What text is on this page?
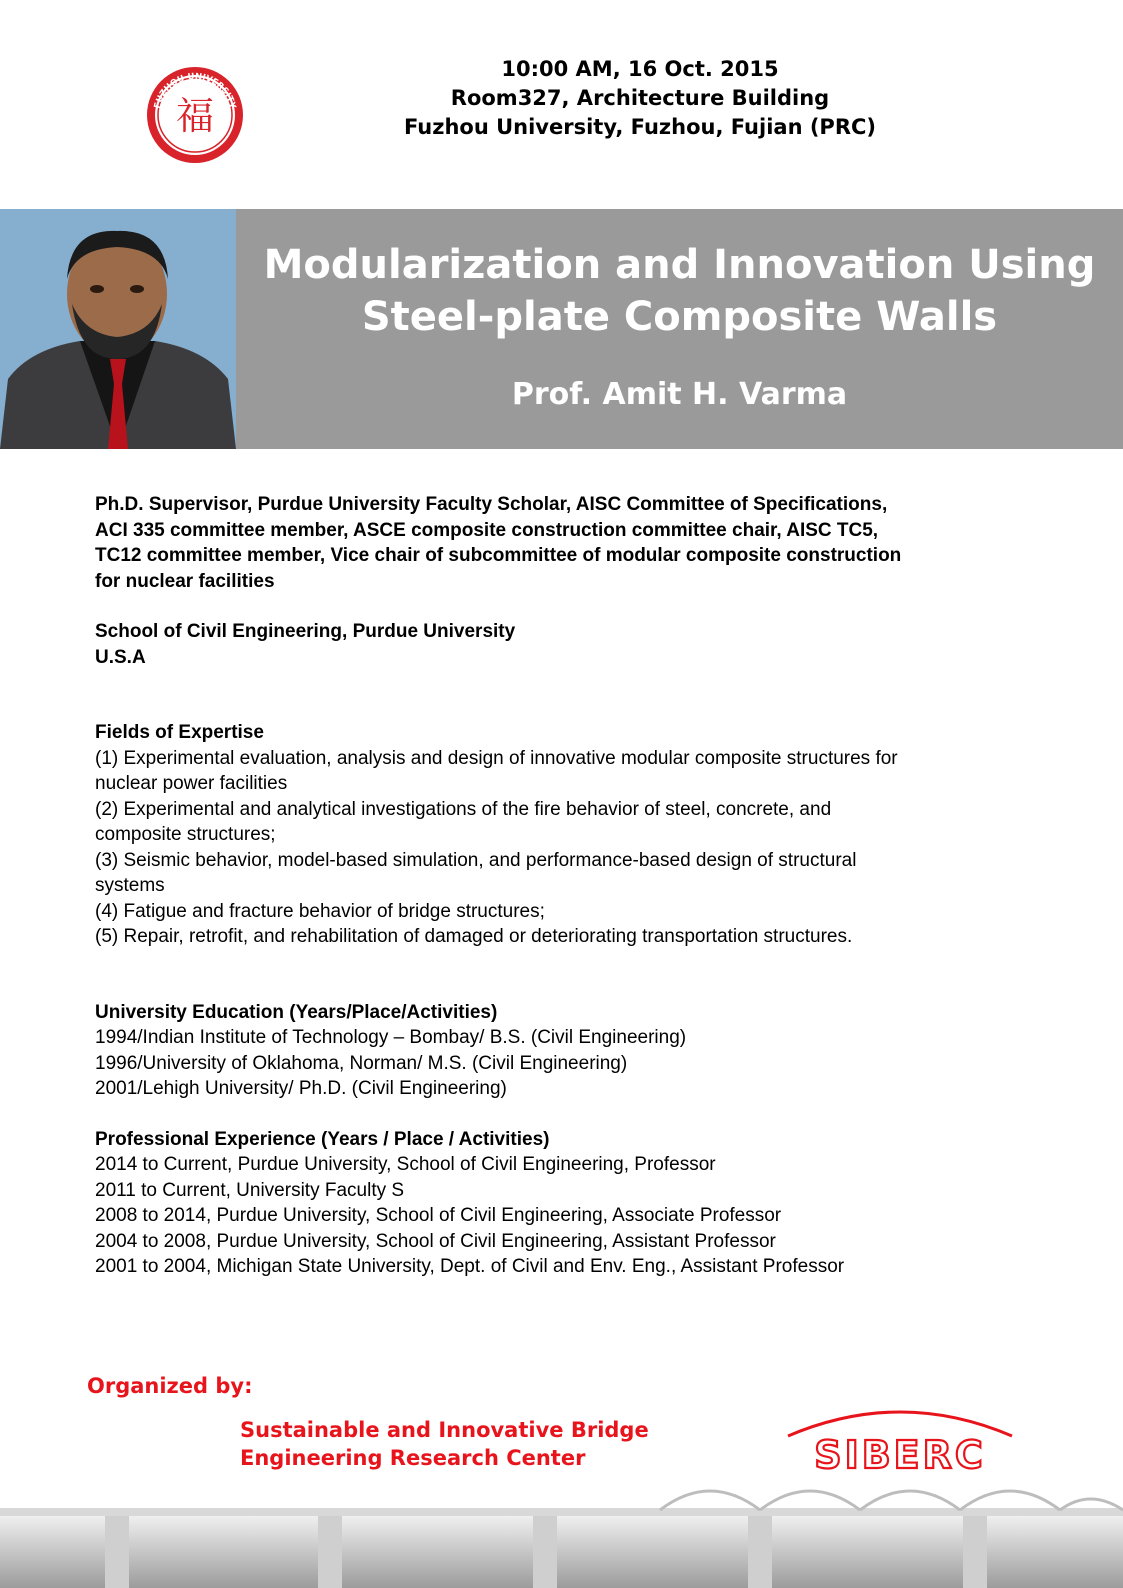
FUZHOU UNIVERSITY
福
10:00 AM, 16 Oct. 2015
Room327, Architecture Building
Fuzhou University, Fuzhou, Fujian (PRC)
Modularization and Innovation Using
Steel-plate Composite Walls
Prof. Amit H. Varma
Ph.D. Supervisor, Purdue University Faculty Scholar, AISC Committee of Specifications,
ACI 335 committee member, ASCE composite construction committee chair, AISC TC5,
TC12 committee member, Vice chair of subcommittee of modular composite construction
for nuclear facilities
School of Civil Engineering, Purdue University
U.S.A
Fields of Expertise
(1) Experimental evaluation, analysis and design of innovative modular composite structures for
nuclear power facilities
(2) Experimental and analytical investigations of the fire behavior of steel, concrete, and
composite structures;
(3) Seismic behavior, model-based simulation, and performance-based design of structural
systems
(4) Fatigue and fracture behavior of bridge structures;
(5) Repair, retrofit, and rehabilitation of damaged or deteriorating transportation structures.
University Education (Years/Place/Activities)
1994/Indian Institute of Technology – Bombay/ B.S. (Civil Engineering)
1996/University of Oklahoma, Norman/ M.S. (Civil Engineering)
2001/Lehigh University/ Ph.D. (Civil Engineering)
Professional Experience (Years / Place / Activities)
2014 to Current, Purdue University, School of Civil Engineering, Professor
2011 to Current, University Faculty S
2008 to 2014, Purdue University, School of Civil Engineering, Associate Professor
2004 to 2008, Purdue University, School of Civil Engineering, Assistant Professor
2001 to 2004, Michigan State University, Dept. of Civil and Env. Eng., Assistant Professor
Organized by:
Sustainable and Innovative Bridge
Engineering Research Center	SIBERC
